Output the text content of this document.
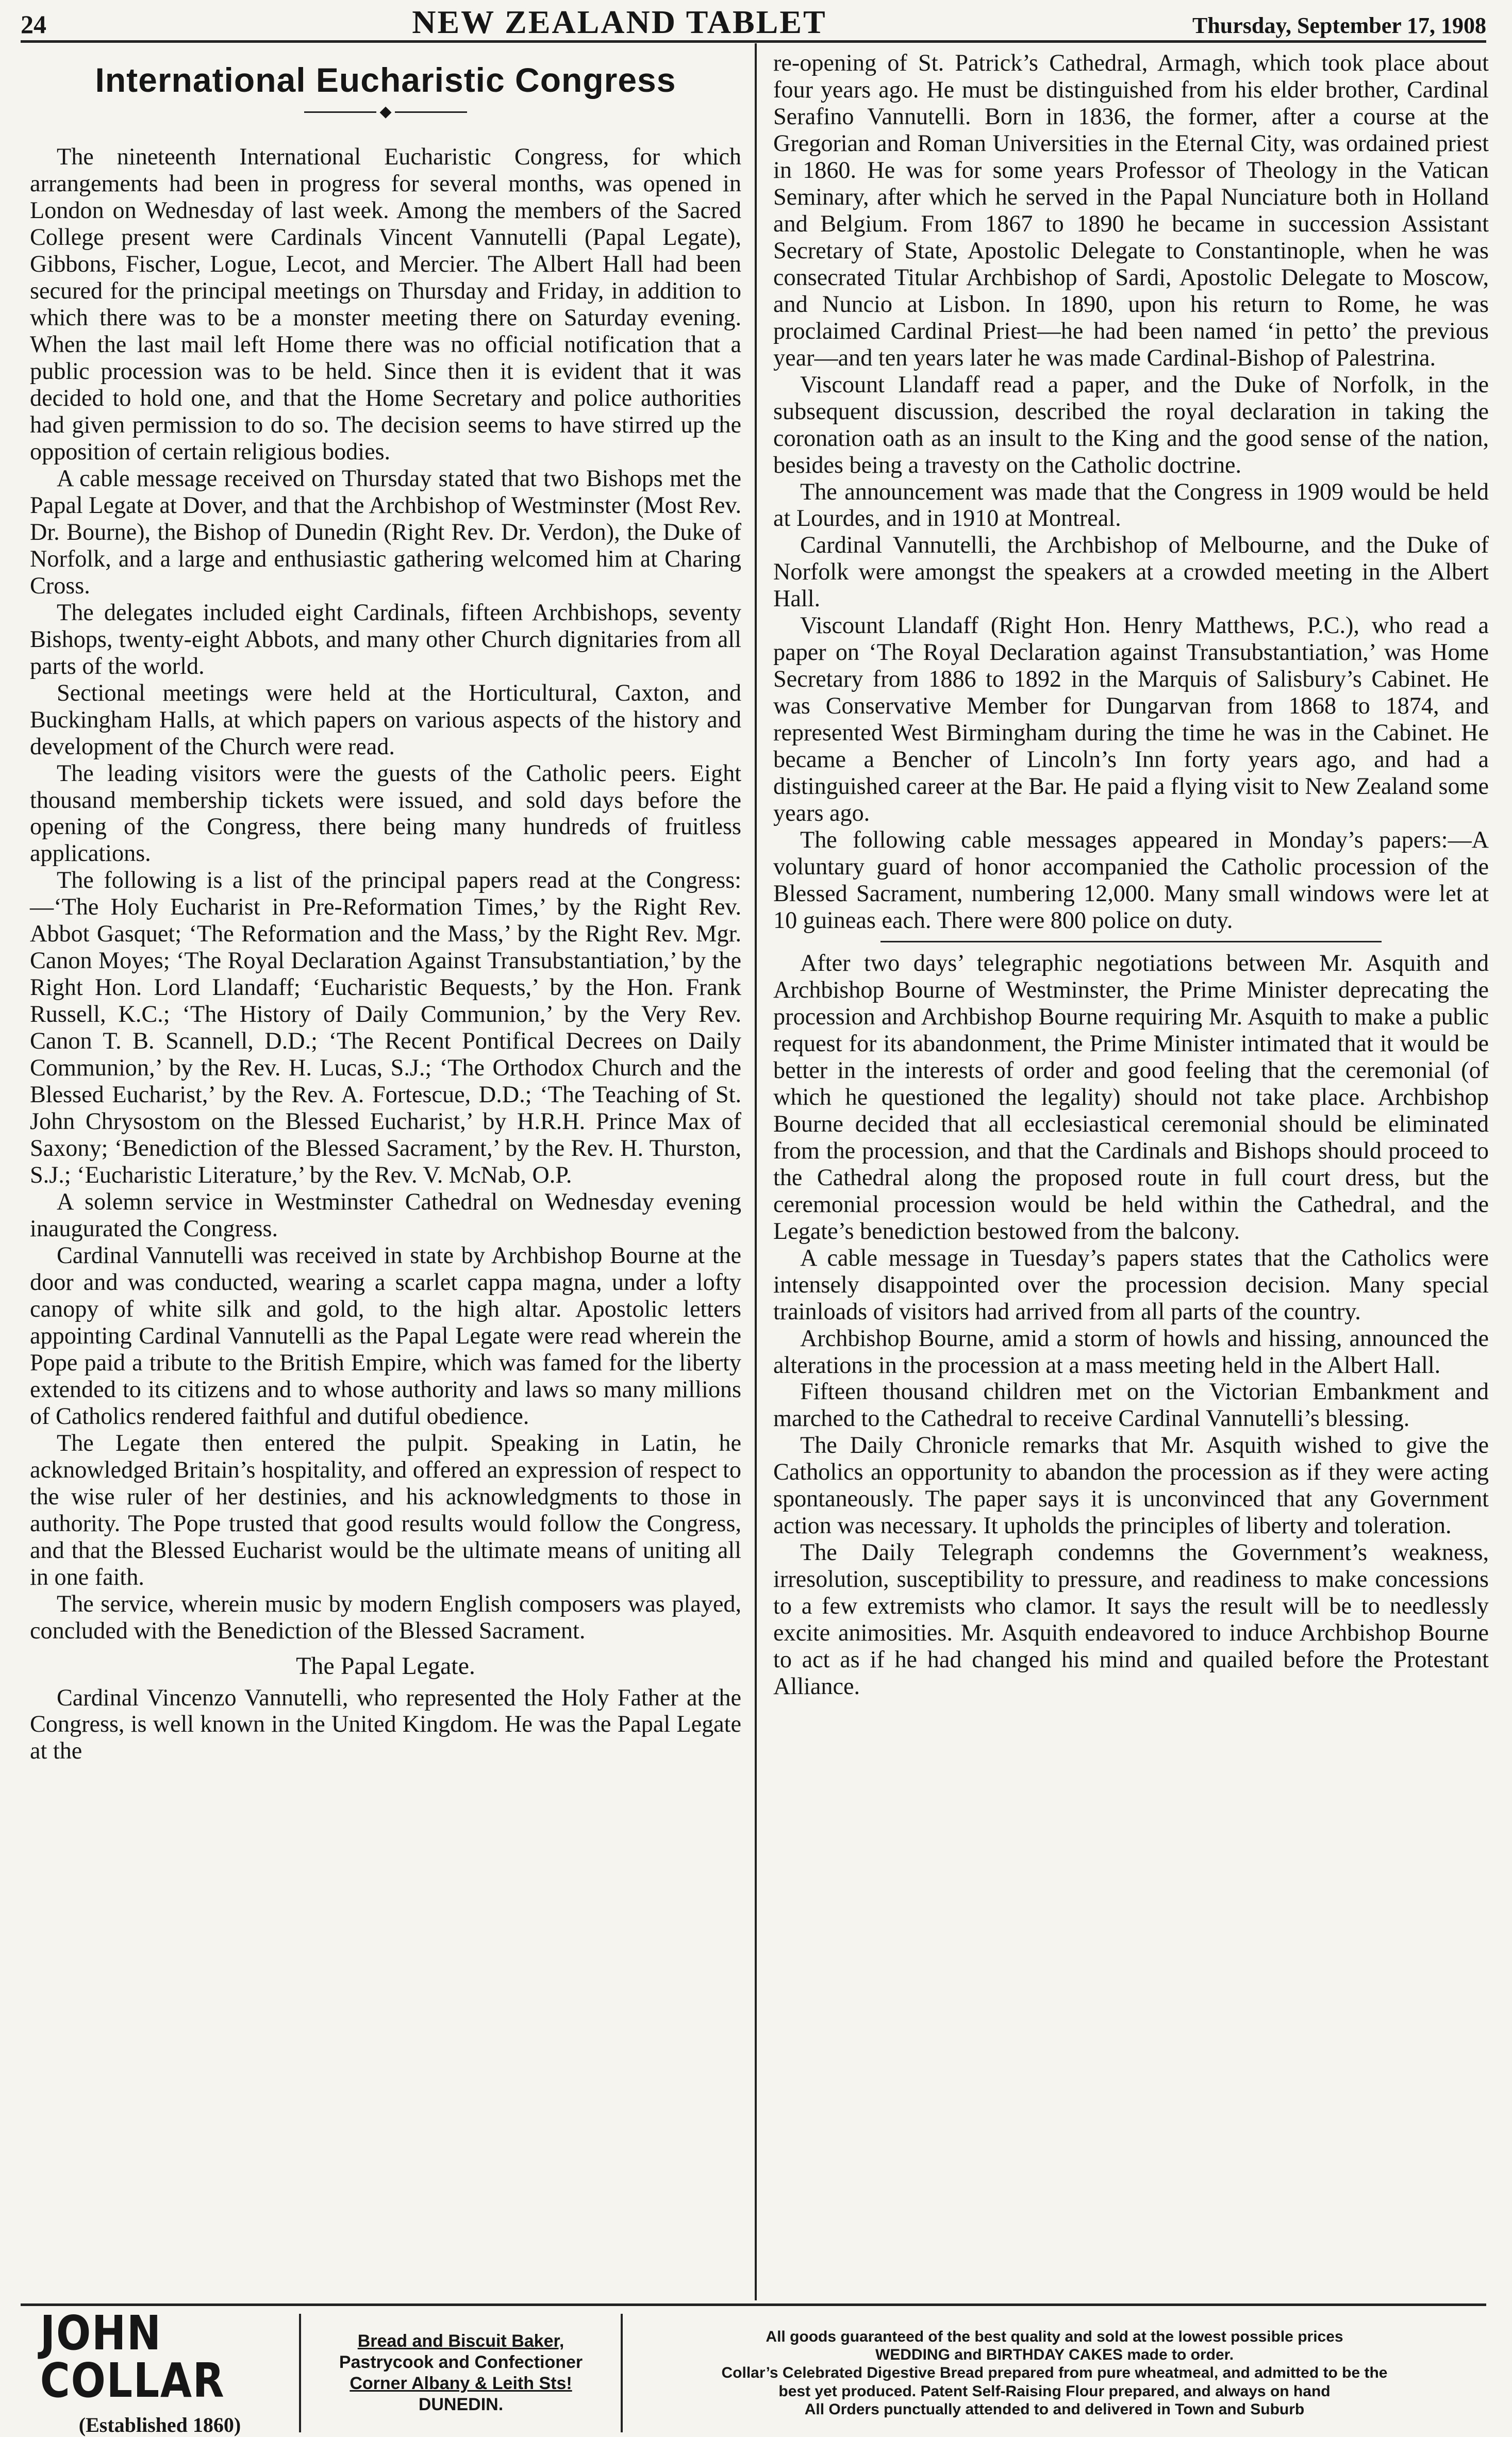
24	NEW ZEALAND TABLET	Thursday, September 17, 1908
International Eucharistic Congress
◆

The nineteenth International Eucharistic Congress, for which arrangements had been in progress for several months, was opened in London on Wednesday of last week. Among the members of the Sacred College present were Cardinals Vincent Vannutelli (Papal Legate), Gibbons, Fischer, Logue, Lecot, and Mercier. The Albert Hall had been secured for the principal meetings on Thursday and Friday, in addition to which there was to be a monster meeting there on Saturday evening. When the last mail left Home there was no official notification that a public procession was to be held. Since then it is evident that it was decided to hold one, and that the Home Secretary and police authorities had given permission to do so. The decision seems to have stirred up the opposition of certain religious bodies.

A cable message received on Thursday stated that two Bishops met the Papal Legate at Dover, and that the Archbishop of Westminster (Most Rev. Dr. Bourne), the Bishop of Dunedin (Right Rev. Dr. Verdon), the Duke of Norfolk, and a large and enthusiastic gathering welcomed him at Charing Cross.

The delegates included eight Cardinals, fifteen Archbishops, seventy Bishops, twenty-eight Abbots, and many other Church dignitaries from all parts of the world.

Sectional meetings were held at the Horticultural, Caxton, and Buckingham Halls, at which papers on various aspects of the history and development of the Church were read.

The leading visitors were the guests of the Catholic peers. Eight thousand membership tickets were issued, and sold days before the opening of the Congress, there being many hundreds of fruitless applications.

The following is a list of the principal papers read at the Congress:—‘The Holy Eucharist in Pre-Reformation Times,’ by the Right Rev. Abbot Gasquet; ‘The Reformation and the Mass,’ by the Right Rev. Mgr. Canon Moyes; ‘The Royal Declaration Against Transubstantiation,’ by the Right Hon. Lord Llandaff; ‘Eucharistic Bequests,’ by the Hon. Frank Russell, K.C.; ‘The History of Daily Communion,’ by the Very Rev. Canon T. B. Scannell, D.D.; ‘The Recent Pontifical Decrees on Daily Communion,’ by the Rev. H. Lucas, S.J.; ‘The Orthodox Church and the Blessed Eucharist,’ by the Rev. A. Fortescue, D.D.; ‘The Teaching of St. John Chrysostom on the Blessed Eucharist,’ by H.R.H. Prince Max of Saxony; ‘Benediction of the Blessed Sacrament,’ by the Rev. H. Thurston, S.J.; ‘Eucharistic Literature,’ by the Rev. V. McNab, O.P.

A solemn service in Westminster Cathedral on Wednesday evening inaugurated the Congress.

Cardinal Vannutelli was received in state by Archbishop Bourne at the door and was conducted, wearing a scarlet cappa magna, under a lofty canopy of white silk and gold, to the high altar. Apostolic letters appointing Cardinal Vannutelli as the Papal Legate were read wherein the Pope paid a tribute to the British Empire, which was famed for the liberty extended to its citizens and to whose authority and laws so many millions of Catholics rendered faithful and dutiful obedience.

The Legate then entered the pulpit. Speaking in Latin, he acknowledged Britain’s hospitality, and offered an expression of respect to the wise ruler of her destinies, and his acknowledgments to those in authority. The Pope trusted that good results would follow the Congress, and that the Blessed Eucharist would be the ultimate means of uniting all in one faith.

The service, wherein music by modern English composers was played, concluded with the Benediction of the Blessed Sacrament.

The Papal Legate.

Cardinal Vincenzo Vannutelli, who represented the Holy Father at the Congress, is well known in the United Kingdom. He was the Papal Legate at the

re-opening of St. Patrick’s Cathedral, Armagh, which took place about four years ago. He must be distinguished from his elder brother, Cardinal Serafino Vannutelli. Born in 1836, the former, after a course at the Gregorian and Roman Universities in the Eternal City, was ordained priest in 1860. He was for some years Professor of Theology in the Vatican Seminary, after which he served in the Papal Nunciature both in Holland and Belgium. From 1867 to 1890 he became in succession Assistant Secretary of State, Apostolic Delegate to Constantinople, when he was consecrated Titular Archbishop of Sardi, Apostolic Delegate to Moscow, and Nuncio at Lisbon. In 1890, upon his return to Rome, he was proclaimed Cardinal Priest—he had been named ‘in petto’ the previous year—and ten years later he was made Cardinal-Bishop of Palestrina.

Viscount Llandaff read a paper, and the Duke of Norfolk, in the subsequent discussion, described the royal declaration in taking the coronation oath as an insult to the King and the good sense of the nation, besides being a travesty on the Catholic doctrine.

The announcement was made that the Congress in 1909 would be held at Lourdes, and in 1910 at Montreal.

Cardinal Vannutelli, the Archbishop of Melbourne, and the Duke of Norfolk were amongst the speakers at a crowded meeting in the Albert Hall.

Viscount Llandaff (Right Hon. Henry Matthews, P.C.), who read a paper on ‘The Royal Declaration against Transubstantiation,’ was Home Secretary from 1886 to 1892 in the Marquis of Salisbury’s Cabinet. He was Conservative Member for Dungarvan from 1868 to 1874, and represented West Birmingham during the time he was in the Cabinet. He became a Bencher of Lincoln’s Inn forty years ago, and had a distinguished career at the Bar. He paid a flying visit to New Zealand some years ago.

The following cable messages appeared in Monday’s papers:—A voluntary guard of honor accompanied the Catholic procession of the Blessed Sacrament, numbering 12,000. Many small windows were let at 10 guineas each. There were 800 police on duty.

After two days’ telegraphic negotiations between Mr. Asquith and Archbishop Bourne of Westminster, the Prime Minister deprecating the procession and Archbishop Bourne requiring Mr. Asquith to make a public request for its abandonment, the Prime Minister intimated that it would be better in the interests of order and good feeling that the ceremonial (of which he questioned the legality) should not take place. Archbishop Bourne decided that all ecclesiastical ceremonial should be eliminated from the procession, and that the Cardinals and Bishops should proceed to the Cathedral along the proposed route in full court dress, but the ceremonial procession would be held within the Cathedral, and the Legate’s benediction bestowed from the balcony.

A cable message in Tuesday’s papers states that the Catholics were intensely disappointed over the procession decision. Many special trainloads of visitors had arrived from all parts of the country.

Archbishop Bourne, amid a storm of howls and hissing, announced the alterations in the procession at a mass meeting held in the Albert Hall.

Fifteen thousand children met on the Victorian Embankment and marched to the Cathedral to receive Cardinal Vannutelli’s blessing.

The Daily Chronicle remarks that Mr. Asquith wished to give the Catholics an opportunity to abandon the procession as if they were acting spontaneously. The paper says it is unconvinced that any Government action was necessary. It upholds the principles of liberty and toleration.

The Daily Telegraph condemns the Government’s weakness, irresolution, susceptibility to pressure, and readiness to make concessions to a few extremists who clamor. It says the result will be to needlessly excite animosities. Mr. Asquith endeavored to induce Archbishop Bourne to act as if he had changed his mind and quailed before the Protestant Alliance.

JOHN COLLAR
(Established 1860)
Bread and Biscuit Baker,
Pastrycook and Confectioner
Corner Albany & Leith Sts!
DUNEDIN.
All goods guaranteed of the best quality and sold at the lowest possible prices
WEDDING and BIRTHDAY CAKES made to order.
Collar’s Celebrated Digestive Bread prepared from pure wheatmeal, and admitted to be the
best yet produced. Patent Self-Raising Flour prepared, and always on hand
All Orders punctually attended to and delivered in Town and Suburb
